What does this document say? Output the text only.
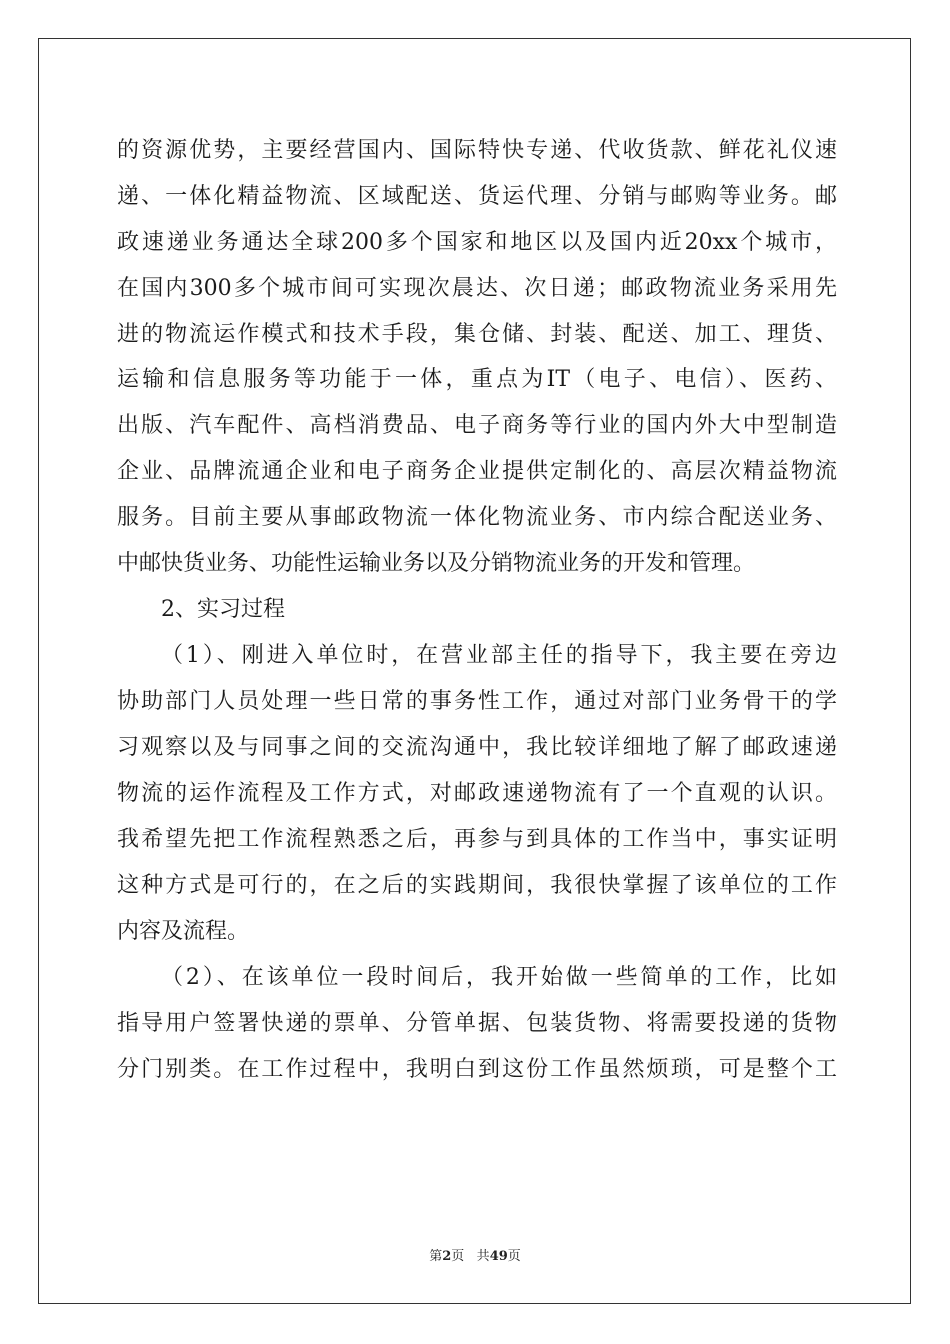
的资源优势，主要经营国内、国际特快专递、代收货款、鲜花礼仪速
递、一体化精益物流、区域配送、货运代理、分销与邮购等业务。邮
政速递业务通达全球200多个国家和地区以及国内近20xx个城市，
在国内300多个城市间可实现次晨达、次日递；邮政物流业务采用先
进的物流运作模式和技术手段，集仓储、封装、配送、加工、理货、
运输和信息服务等功能于一体，重点为IT（电子、电信）、医药、
出版、汽车配件、高档消费品、电子商务等行业的国内外大中型制造
企业、品牌流通企业和电子商务企业提供定制化的、高层次精益物流
服务。目前主要从事邮政物流一体化物流业务、市内综合配送业务、
中邮快货业务、功能性运输业务以及分销物流业务的开发和管理。
2、实习过程
（1）、刚进入单位时，在营业部主任的指导下，我主要在旁边
协助部门人员处理一些日常的事务性工作，通过对部门业务骨干的学
习观察以及与同事之间的交流沟通中，我比较详细地了解了邮政速递
物流的运作流程及工作方式，对邮政速递物流有了一个直观的认识。
我希望先把工作流程熟悉之后，再参与到具体的工作当中，事实证明
这种方式是可行的，在之后的实践期间，我很快掌握了该单位的工作
内容及流程。
（2）、在该单位一段时间后，我开始做一些简单的工作，比如
指导用户签署快递的票单、分管单据、包装货物、将需要投递的货物
分门别类。在工作过程中，我明白到这份工作虽然烦琐，可是整个工
第2页 共49页
